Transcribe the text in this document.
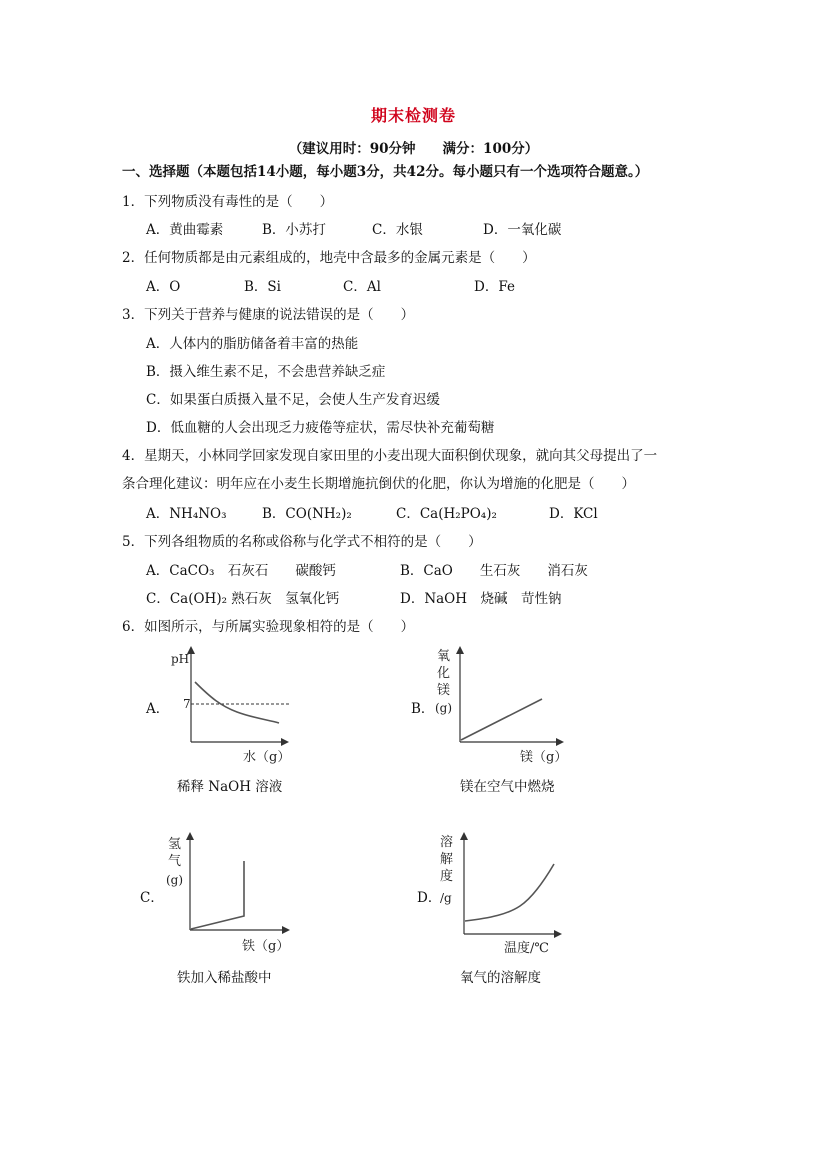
期末检测卷
（建议用时：90分钟　　满分：100分）
一、选择题（本题包括14小题，每小题3分，共42分。每小题只有一个选项符合题意。）
1．下列物质没有毒性的是（　　）
A．黄曲霉素	B．小苏打	C．水银	D．一氧化碳
2．任何物质都是由元素组成的，地壳中含最多的金属元素是（　　）
A．O	B．Si	C．Al	D．Fe
3．下列关于营养与健康的说法错误的是（　　）
A．人体内的脂肪储备着丰富的热能
B．摄入维生素不足，不会患营养缺乏症
C．如果蛋白质摄入量不足，会使人生产发育迟缓
D．低血糖的人会出现乏力疲倦等症状，需尽快补充葡萄糖
4．星期天，小林同学回家发现自家田里的小麦出现大面积倒伏现象，就向其父母提出了一
条合理化建议：明年应在小麦生长期增施抗倒伏的化肥，你认为增施的化肥是（　　）
A．NH₄NO₃	B．CO(NH₂)₂	C．Ca(H₂PO₄)₂	D．KCl
5．下列各组物质的名称或俗称与化学式不相符的是（　　）
A．CaCO₃　石灰石　　碳酸钙	B．CaO　　生石灰　　消石灰
C．Ca(OH)₂ 熟石灰　氢氧化钙	D．NaOH　烧碱　苛性钠
6．如图所示，与所属实验现象相符的是（　　）
A．
pH
7
水（g）
稀释 NaOH 溶液
B．
氧
化
镁
(g)
镁（g）
镁在空气中燃烧
C．
氢
气
(g)
铁（g）
铁加入稀盐酸中
D．
溶
解
度
/g
温度/℃
氧气的溶解度
